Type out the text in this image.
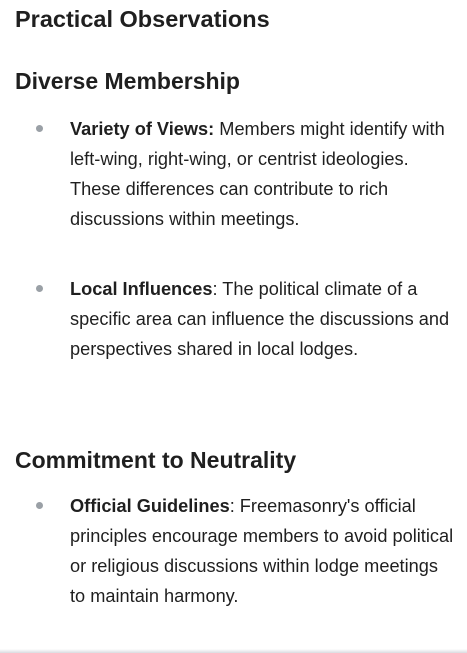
Practical Observations
Diverse Membership
Variety of Views: Members might identify with left-wing, right-wing, or centrist ideologies. These differences can contribute to rich discussions within meetings.
Local Influences: The political climate of a specific area can influence the discussions and perspectives shared in local lodges.
Commitment to Neutrality
Official Guidelines: Freemasonry's official principles encourage members to avoid political or religious discussions within lodge meetings to maintain harmony.
